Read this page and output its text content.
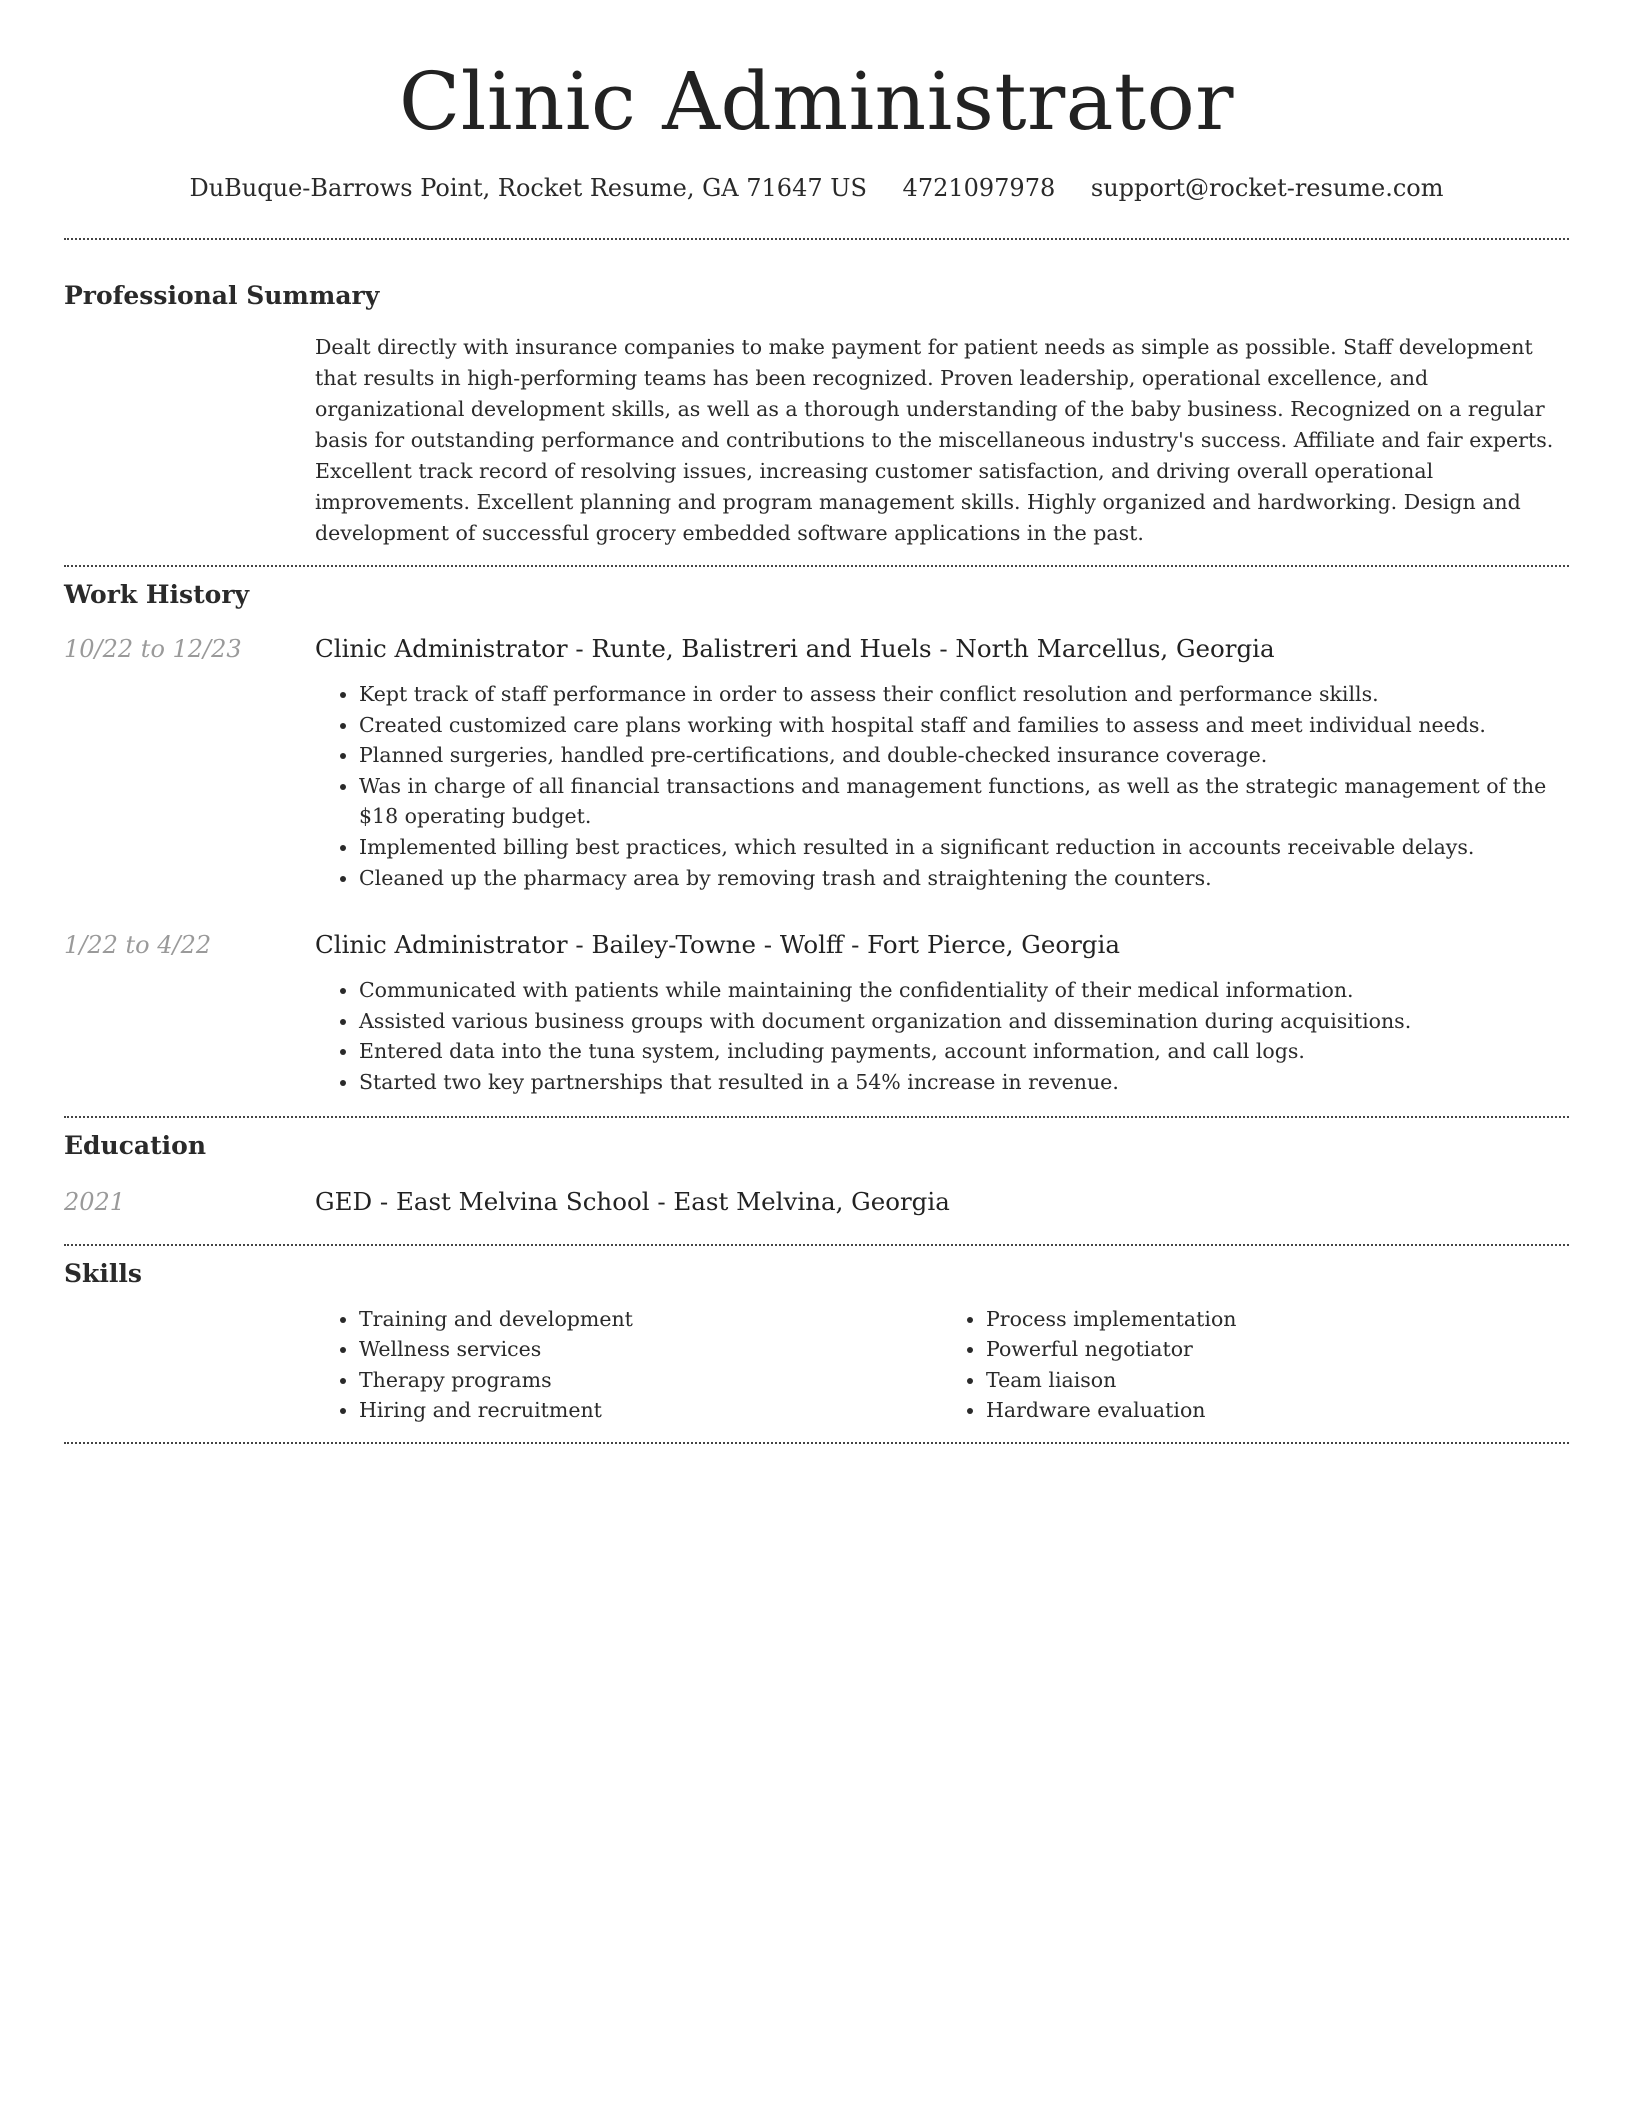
Clinic Administrator
DuBuque-Barrows Point, Rocket Resume, GA 71647 US 4721097978 support@rocket-resume.com
Professional Summary
Dealt directly with insurance companies to make payment for patient needs as simple as possible. Staff development that results in high-performing teams has been recognized. Proven leadership, operational excellence, and organizational development skills, as well as a thorough understanding of the baby business. Recognized on a regular basis for outstanding performance and contributions to the miscellaneous industry's success. Affiliate and fair experts. Excellent track record of resolving issues, increasing customer satisfaction, and driving overall operational improvements. Excellent planning and program management skills. Highly organized and hardworking. Design and development of successful grocery embedded software applications in the past.
Work History
10/22 to 12/23	Clinic Administrator - Runte, Balistreri and Huels - North Marcellus, Georgia
• Kept track of staff performance in order to assess their conflict resolution and performance skills.
• Created customized care plans working with hospital staff and families to assess and meet individual needs.
• Planned surgeries, handled pre-certifications, and double-checked insurance coverage.
• Was in charge of all financial transactions and management functions, as well as the strategic management of the $18 operating budget.
• Implemented billing best practices, which resulted in a significant reduction in accounts receivable delays.
• Cleaned up the pharmacy area by removing trash and straightening the counters.
1/22 to 4/22	Clinic Administrator - Bailey-Towne - Wolff - Fort Pierce, Georgia
• Communicated with patients while maintaining the confidentiality of their medical information.
• Assisted various business groups with document organization and dissemination during acquisitions.
• Entered data into the tuna system, including payments, account information, and call logs.
• Started two key partnerships that resulted in a 54% increase in revenue.
Education
2021	GED - East Melvina School - East Melvina, Georgia
Skills
• Training and development
• Wellness services
• Therapy programs
• Hiring and recruitment
• Process implementation
• Powerful negotiator
• Team liaison
• Hardware evaluation
